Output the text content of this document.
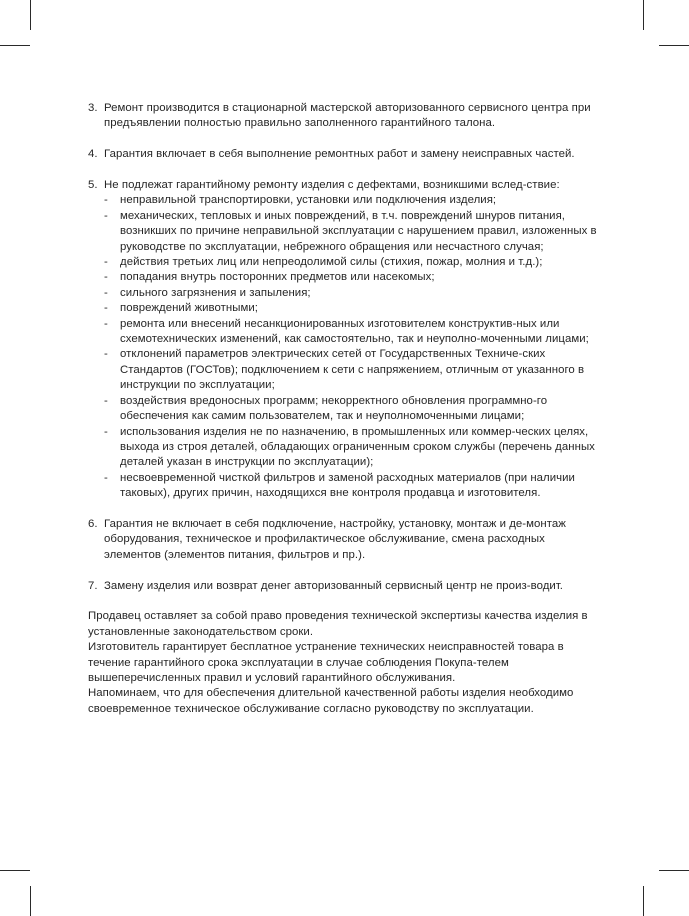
3. Ремонт производится в стационарной мастерской авторизованного сервисного центра при предъявлении полностью правильно заполненного гарантийного талона.
4. Гарантия включает в себя выполнение ремонтных работ и замену неисправных частей.
5. Не подлежат гарантийному ремонту изделия с дефектами, возникшими вслед-ствие:
- неправильной транспортировки, установки или подключения изделия;
- механических, тепловых и иных повреждений, в т.ч. повреждений шнуров питания, возникших по причине неправильной эксплуатации с нарушением правил, изложенных в руководстве по эксплуатации, небрежного обращения или несчастного случая;
- действия третьих лиц или непреодолимой силы (стихия, пожар, молния и т.д.);
- попадания внутрь посторонних предметов или насекомых;
- сильного загрязнения и запыления;
- повреждений животными;
- ремонта или внесений несанкционированных изготовителем конструктив-ных или схемотехнических изменений, как самостоятельно, так и неуполно-моченными лицами;
- отклонений параметров электрических сетей от Государственных Техниче-ских Стандартов (ГОСТов); подключением к сети с напряжением, отличным от указанного в инструкции по эксплуатации;
- воздействия вредоносных программ; некорректного обновления программно-го обеспечения как самим пользователем, так и неуполномоченными лицами;
- использования изделия не по назначению, в промышленных или коммер-ческих целях, выхода из строя деталей, обладающих ограниченным сроком службы (перечень данных деталей указан в инструкции по эксплуатации);
- несвоевременной чисткой фильтров и заменой расходных материалов (при наличии таковых), других причин, находящихся вне контроля продавца и изготовителя.
6. Гарантия не включает в себя подключение, настройку, установку, монтаж и де-монтаж оборудования, техническое и профилактическое обслуживание, смена расходных элементов (элементов питания, фильтров и пр.).
7. Замену изделия или возврат денег авторизованный сервисный центр не произ-водит.

Продавец оставляет за собой право проведения технической экспертизы качества изделия в установленные законодательством сроки.

Изготовитель гарантирует бесплатное устранение технических неисправностей товара в течение гарантийного срока эксплуатации в случае соблюдения Покупа-телем вышеперечисленных правил и условий гарантийного обслуживания.

Напоминаем, что для обеспечения длительной качественной работы изделия необходимо своевременное техническое обслуживание согласно руководству по эксплуатации.
